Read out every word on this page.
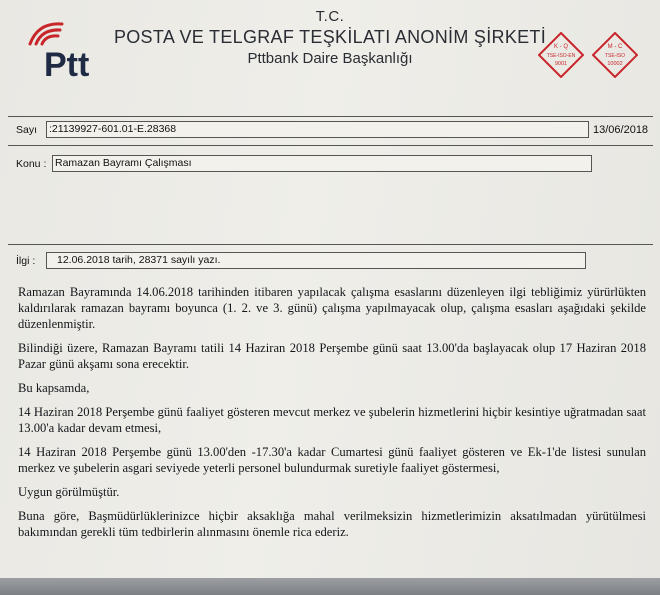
Ptt
T.C.
POSTA VE TELGRAF TEŞKİLATI ANONİM ŞİRKETİ
Pttbank Daire Başkanlığı
K - Q
TSE-ISO-EN
9001
M - C
TSE-ISO
10002
Sayı :21139927-601.01-E.28368	13/06/2018
Konu : Ramazan Bayramı Çalışması
İlgi :	12.06.2018 tarih, 28371 sayılı yazı.

Ramazan Bayramında 14.06.2018 tarihinden itibaren yapılacak çalışma esaslarını düzenleyen ilgi tebliğimiz yürürlükten kaldırılarak ramazan bayramı boyunca (1. 2. ve 3. günü) çalışma yapılmayacak olup, çalışma esasları aşağıdaki şekilde düzenlenmiştir.

Bilindiği üzere, Ramazan Bayramı tatili 14 Haziran 2018 Perşembe günü saat 13.00'da başlayacak olup 17 Haziran 2018 Pazar günü akşamı sona erecektir.

Bu kapsamda,

14 Haziran 2018 Perşembe günü faaliyet gösteren mevcut merkez ve şubelerin hizmetlerini hiçbir kesintiye uğratmadan saat 13.00'a kadar devam etmesi,

14 Haziran 2018 Perşembe günü 13.00'den -17.30'a kadar Cumartesi günü faaliyet gösteren ve Ek-1'de listesi sunulan merkez ve şubelerin asgari seviyede yeterli personel bulundurmak suretiyle faaliyet göstermesi,

Uygun görülmüştür.

Buna göre, Başmüdürlüklerinizce hiçbir aksaklığa mahal verilmeksizin hizmetlerimizin aksatılmadan yürütülmesi bakımından gerekli tüm tedbirlerin alınmasını önemle rica ederiz.
